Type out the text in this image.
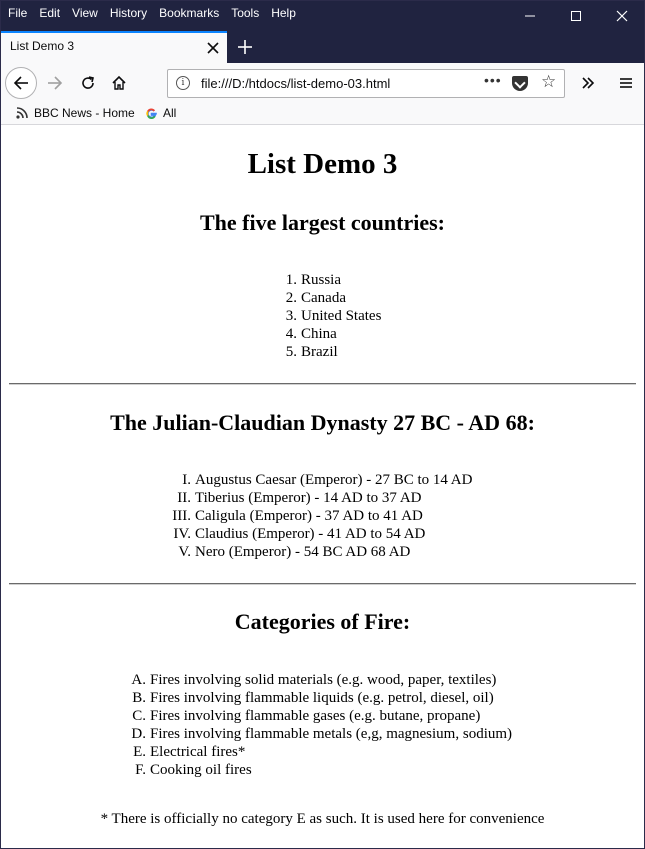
File Edit View History Bookmarks Tools Help
List Demo 3
i	file:///D:/htdocs/list-demo-03.html	••• ☆
BBC News - Home All
List Demo 3
The five largest countries:
1. Russia
2. Canada
3. United States
4. China
5. Brazil
The Julian-Claudian Dynasty 27 BC - AD 68:
I. Augustus Caesar (Emperor) - 27 BC to 14 AD
II. Tiberius (Emperor) - 14 AD to 37 AD
III. Caligula (Emperor) - 37 AD to 41 AD
IV. Claudius (Emperor) - 41 AD to 54 AD
V. Nero (Emperor) - 54 BC AD 68 AD
Categories of Fire:
A. Fires involving solid materials (e.g. wood, paper, textiles)
B. Fires involving flammable liquids (e.g. petrol, diesel, oil)
C. Fires involving flammable gases (e.g. butane, propane)
D. Fires involving flammable metals (e,g, magnesium, sodium)
E. Electrical fires*
F. Cooking oil fires
* There is officially no category E as such. It is used here for convenience
